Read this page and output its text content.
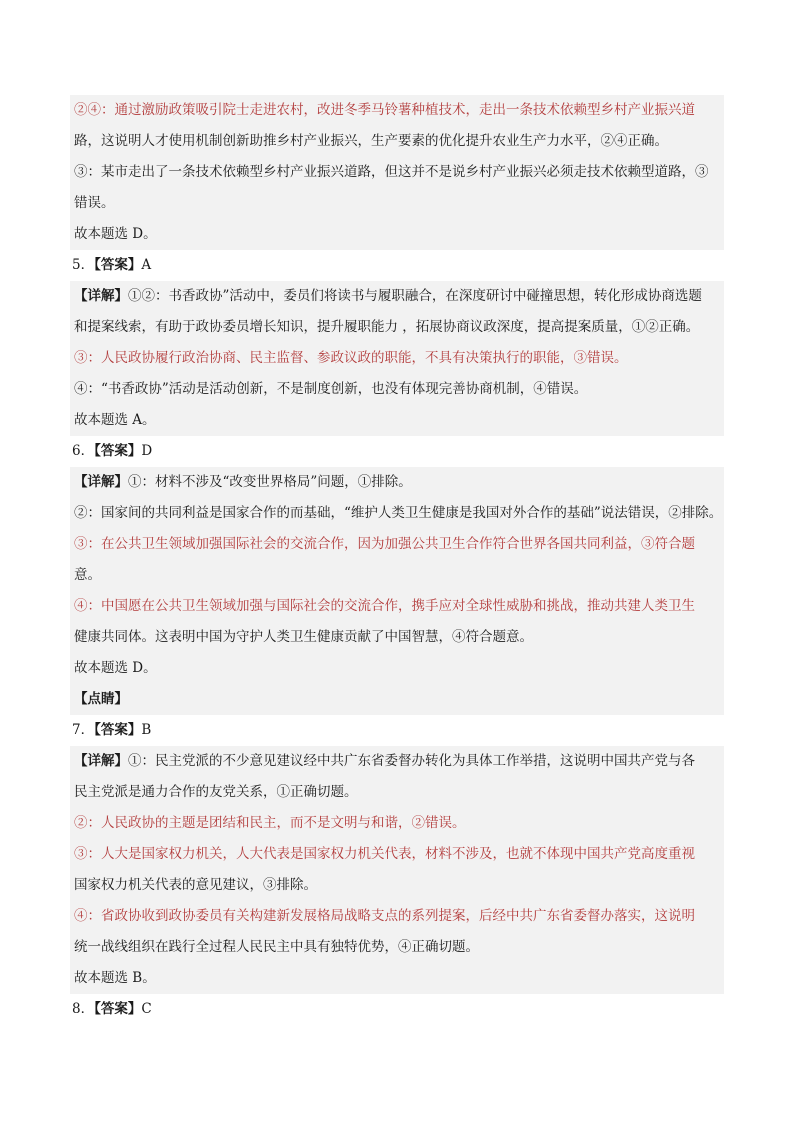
②④：通过激励政策吸引院士走进农村，改进冬季马铃薯种植技术，走出一条技术依赖型乡村产业振兴道
路，这说明人才使用机制创新助推乡村产业振兴，生产要素的优化提升农业生产力水平，②④正确。
③：某市走出了一条技术依赖型乡村产业振兴道路，但这并不是说乡村产业振兴必须走技术依赖型道路，③
错误。
故本题选 D。
5．【答案】A
【详解】①②：书香政协”活动中，委员们将读书与履职融合，在深度研讨中碰撞思想，转化形成协商选题
和提案线索，有助于政协委员增长知识，提升履职能力 ，拓展协商议政深度，提高提案质量，①②正确。
③：人民政协履行政治协商、民主监督、参政议政的职能，不具有决策执行的职能，③错误。
④：“书香政协”活动是活动创新，不是制度创新，也没有体现完善协商机制，④错误。
故本题选 A。
6．【答案】D
【详解】①：材料不涉及“改变世界格局”问题，①排除。
②：国家间的共同利益是国家合作的而基础，“维护人类卫生健康是我国对外合作的基础”说法错误，②排除。
③：在公共卫生领域加强国际社会的交流合作，因为加强公共卫生合作符合世界各国共同利益，③符合题
意。
④：中国愿在公共卫生领域加强与国际社会的交流合作，携手应对全球性威胁和挑战，推动共建人类卫生
健康共同体。这表明中国为守护人类卫生健康贡献了中国智慧，④符合题意。
故本题选 D。
【点睛】
7．【答案】B
【详解】①：民主党派的不少意见建议经中共广东省委督办转化为具体工作举措，这说明中国共产党与各
民主党派是通力合作的友党关系，①正确切题。
②：人民政协的主题是团结和民主，而不是文明与和谐，②错误。
③：人大是国家权力机关，人大代表是国家权力机关代表，材料不涉及，也就不体现中国共产党高度重视
国家权力机关代表的意见建议，③排除。
④：省政协收到政协委员有关构建新发展格局战略支点的系列提案，后经中共广东省委督办落实，这说明
统一战线组织在践行全过程人民民主中具有独特优势，④正确切题。
故本题选 B。
8．【答案】C
